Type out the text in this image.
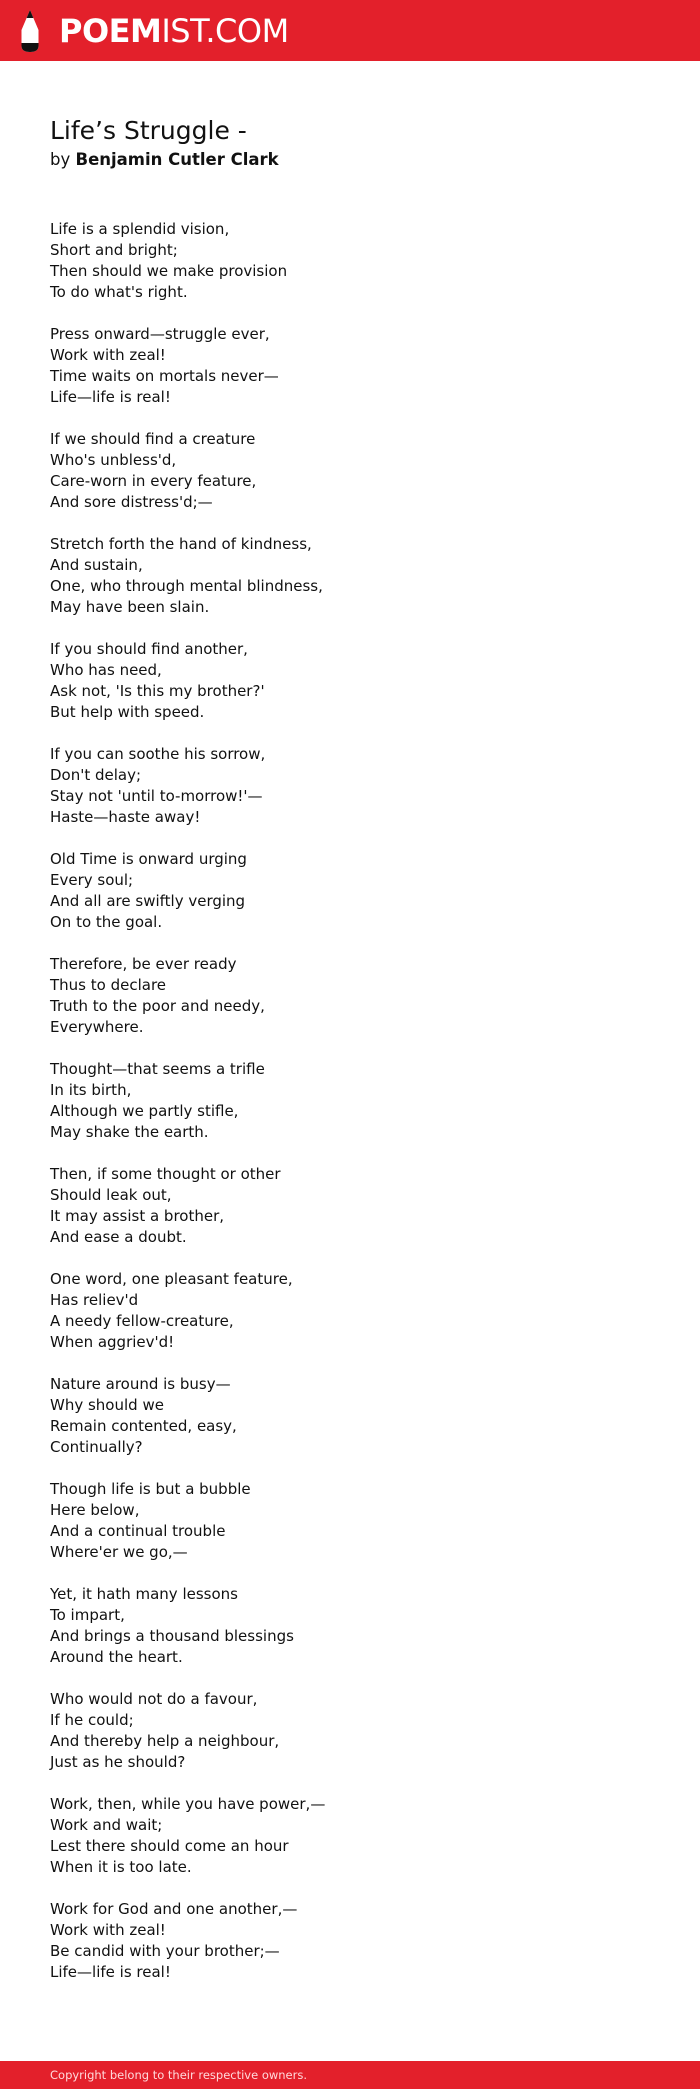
POEMIST.COM
Life’s Struggle -
by Benjamin Cutler Clark
Life is a splendid vision,
Short and bright;
Then should we make provision
To do what's right.
Press onward—struggle ever,
Work with zeal!
Time waits on mortals never—
Life—life is real!
If we should find a creature
Who's unbless'd,
Care-worn in every feature,
And sore distress'd;—
Stretch forth the hand of kindness,
And sustain,
One, who through mental blindness,
May have been slain.
If you should find another,
Who has need,
Ask not, 'Is this my brother?'
But help with speed.
If you can soothe his sorrow,
Don't delay;
Stay not 'until to-morrow!'—
Haste—haste away!
Old Time is onward urging
Every soul;
And all are swiftly verging
On to the goal.
Therefore, be ever ready
Thus to declare
Truth to the poor and needy,
Everywhere.
Thought—that seems a trifle
In its birth,
Although we partly stifle,
May shake the earth.
Then, if some thought or other
Should leak out,
It may assist a brother,
And ease a doubt.
One word, one pleasant feature,
Has reliev'd
A needy fellow-creature,
When aggriev'd!
Nature around is busy—
Why should we
Remain contented, easy,
Continually?
Though life is but a bubble
Here below,
And a continual trouble
Where'er we go,—
Yet, it hath many lessons
To impart,
And brings a thousand blessings
Around the heart.
Who would not do a favour,
If he could;
And thereby help a neighbour,
Just as he should?
Work, then, while you have power,—
Work and wait;
Lest there should come an hour
When it is too late.
Work for God and one another,—
Work with zeal!
Be candid with your brother;—
Life—life is real!
Copyright belong to their respective owners.
